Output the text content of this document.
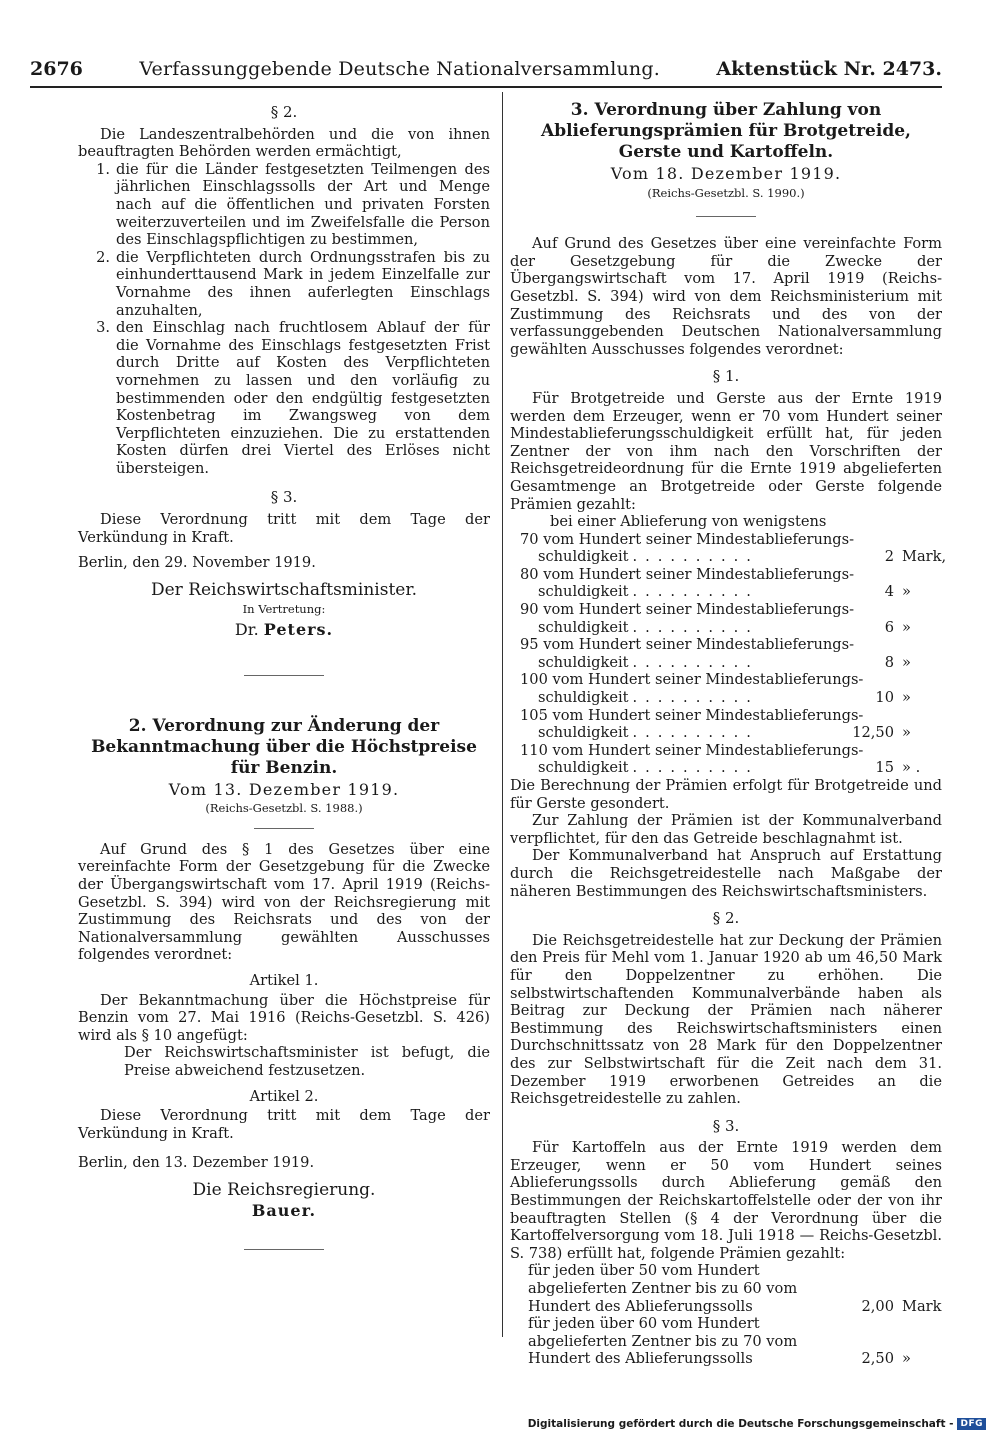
2676	Verfassunggebende Deutsche Nationalversammlung.	Aktenstück Nr. 2473.
§ 2.

Die Landeszentralbehörden und die von ihnen beauftragten Behörden werden ermächtigt,

1. die für die Länder festgesetzten Teilmengen des jährlichen Einschlagssolls der Art und Menge nach auf die öffentlichen und privaten Forsten weiterzuverteilen und im Zweifelsfalle die Person des Einschlagspflichtigen zu bestimmen,
2. die Verpflichteten durch Ordnungsstrafen bis zu einhunderttausend Mark in jedem Einzelfalle zur Vornahme des ihnen auferlegten Einschlags anzuhalten,
3. den Einschlag nach fruchtlosem Ablauf der für die Vornahme des Einschlags festgesetzten Frist durch Dritte auf Kosten des Verpflichteten vornehmen zu lassen und den vorläufig zu bestimmenden oder den endgültig festgesetzten Kostenbetrag im Zwangsweg von dem Verpflichteten einzuziehen. Die zu erstattenden Kosten dürfen drei Viertel des Erlöses nicht übersteigen.
§ 3.

Diese Verordnung tritt mit dem Tage der Verkündung in Kraft.

Berlin, den 29. November 1919.

Der Reichswirtschaftsminister.
In Vertretung:
Dr. Peters.

2. Verordnung zur Änderung der Bekanntmachung über die Höchstpreise für Benzin.

Vom 13. Dezember 1919.

(Reichs-Gesetzbl. S. 1988.)

Auf Grund des § 1 des Gesetzes über eine vereinfachte Form der Gesetzgebung für die Zwecke der Übergangswirtschaft vom 17. April 1919 (Reichs-Gesetzbl. S. 394) wird von der Reichsregierung mit Zustimmung des Reichsrats und des von der Nationalversammlung gewählten Ausschusses folgendes verordnet:

Artikel 1.

Der Bekanntmachung über die Höchstpreise für Benzin vom 27. Mai 1916 (Reichs-Gesetzbl. S. 426) wird als § 10 angefügt:

Der Reichswirtschaftsminister ist befugt, die Preise abweichend festzusetzen.

Artikel 2.

Diese Verordnung tritt mit dem Tage der Verkündung in Kraft.

Berlin, den 13. Dezember 1919.

Die Reichsregierung.
Bauer.

3. Verordnung über Zahlung von Ablieferungsprämien für Brotgetreide, Gerste und Kartoffeln.

Vom 18. Dezember 1919.

(Reichs-Gesetzbl. S. 1990.)

Auf Grund des Gesetzes über eine vereinfachte Form der Gesetzgebung für die Zwecke der Übergangswirtschaft vom 17. April 1919 (Reichs-Gesetzbl. S. 394) wird von dem Reichsministerium mit Zustimmung des Reichsrats und des von der verfassunggebenden Deutschen Nationalversammlung gewählten Ausschusses folgendes verordnet:

§ 1.

Für Brotgetreide und Gerste aus der Ernte 1919 werden dem Erzeuger, wenn er 70 vom Hundert seiner Mindestablieferungsschuldigkeit erfüllt hat, für jeden Zentner der von ihm nach den Vorschriften der Reichsgetreideordnung für die Ernte 1919 abgelieferten Gesamtmenge an Brotgetreide oder Gerste folgende Prämien gezahlt:

bei einer Ablieferung von wenigstens

70 vom Hundert seiner Mindestablieferungs-
schuldigkeit ..........	2 Mark,
80 vom Hundert seiner Mindestablieferungs-
schuldigkeit ..........	4 »
90 vom Hundert seiner Mindestablieferungs-
schuldigkeit ..........	6 »
95 vom Hundert seiner Mindestablieferungs-
schuldigkeit ..........	8 »
100 vom Hundert seiner Mindestablieferungs-
schuldigkeit ..........	10 »
105 vom Hundert seiner Mindestablieferungs-
schuldigkeit ..........	12,50 »
110 vom Hundert seiner Mindestablieferungs-
schuldigkeit ..........	15 » .

Die Berechnung der Prämien erfolgt für Brotgetreide und für Gerste gesondert.

Zur Zahlung der Prämien ist der Kommunalverband verpflichtet, für den das Getreide beschlagnahmt ist.

Der Kommunalverband hat Anspruch auf Erstattung durch die Reichsgetreidestelle nach Maßgabe der näheren Bestimmungen des Reichswirtschaftsministers.

§ 2.

Die Reichsgetreidestelle hat zur Deckung der Prämien den Preis für Mehl vom 1. Januar 1920 ab um 46,50 Mark für den Doppelzentner zu erhöhen. Die selbstwirtschaftenden Kommunalverbände haben als Beitrag zur Deckung der Prämien nach näherer Bestimmung des Reichswirtschaftsministers einen Durchschnittssatz von 28 Mark für den Doppelzentner des zur Selbstwirtschaft für die Zeit nach dem 31. Dezember 1919 erworbenen Getreides an die Reichsgetreidestelle zu zahlen.

§ 3.

Für Kartoffeln aus der Ernte 1919 werden dem Erzeuger, wenn er 50 vom Hundert seines Ablieferungssolls durch Ablieferung gemäß den Bestimmungen der Reichskartoffelstelle oder der von ihr beauftragten Stellen (§ 4 der Verordnung über die Kartoffelversorgung vom 18. Juli 1918 — Reichs-Gesetzbl. S. 738) erfüllt hat, folgende Prämien gezahlt:

für jeden über 50 vom Hundert abgelieferten Zentner bis zu 60 vom Hundert des Ablieferungssolls	2,00 Mark
für jeden über 60 vom Hundert abgelieferten Zentner bis zu 70 vom Hundert des Ablieferungssolls	2,50 »
Digitalisierung gefördert durch die Deutsche Forschungsgemeinschaft - DFG
